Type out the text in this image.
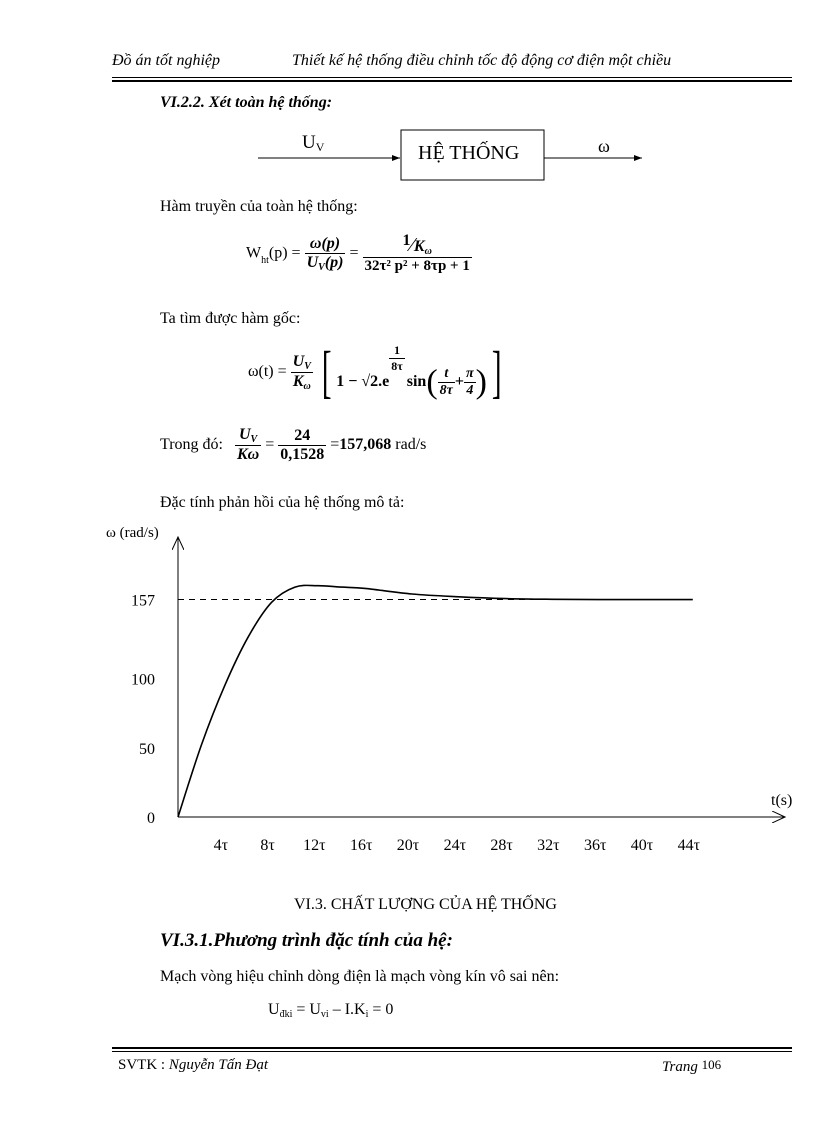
Đồ án tốt nghiệp	Thiết kế hệ thống điều chỉnh tốc độ động cơ điện một chiều
VI.2.2. Xét toàn hệ thống:
$U_V$	HỆ THỐNG	ω
Hàm truyền của toàn hệ thống:
$W_{ht}(p) = \frac{\omega(p)}{U_V(p)} = \frac{1⁄K_\omega}{\text{32τ² p² + 8τp + 1}}$
Ta tìm được hàm gốc:
$\omega(t) = \frac{U_V}{K_\omega}$ [ 1 − √2.e
$\frac{1}{8\tau}$
$\sin( \frac{t}{8\tau} + \frac{\pi}{4}$ )]
Trong đó: $\frac{U_V}{K\omega} = \frac{24}{0,1528} =157,068$ rad/s
Đặc tính phản hồi của hệ thống mô tả:
0
50
100
157
4τ 8τ 12τ 16τ 20τ 24τ 28τ 32τ 36τ 40τ 44τ
ω (rad/s)
t(s)
VI.3. CHẤT LƯỢNG CỦA HỆ THỐNG
VI.3.1.Phương trình đặc tính của hệ:
Mạch vòng hiệu chỉnh dòng điện là mạch vòng kín vô sai nên:
$U_{đki} = U_{vi} - I.K_i = 0$
SVTK : Nguyễn Tấn Đạt	Trang 106
